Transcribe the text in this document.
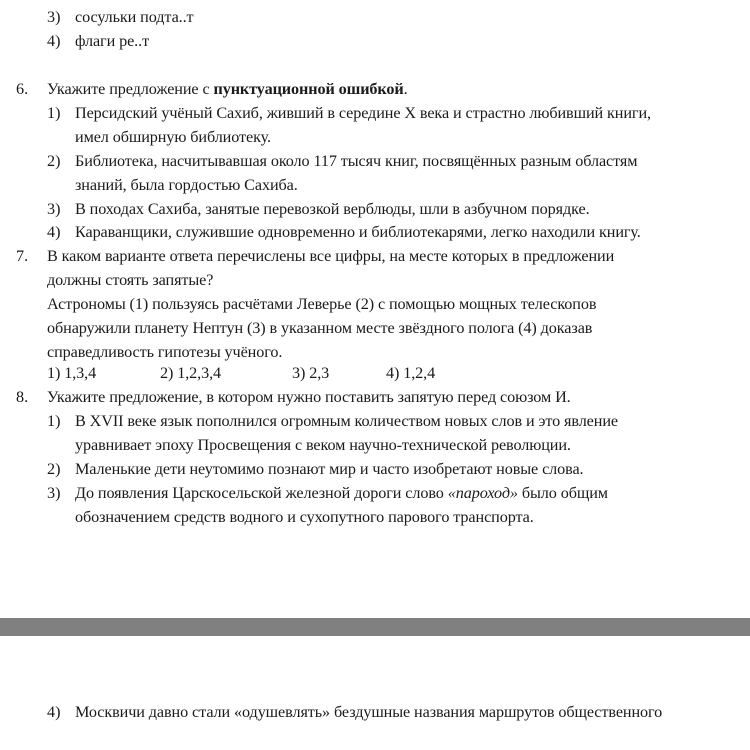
3) сосульки подта..т
4) флаги ре..т
6. Укажите предложение с пунктуационной ошибкой.
1) Персидский учёный Сахиб, живший в середине X века и страстно любивший книги,
имел обширную библиотеку.
2) Библиотека, насчитывавшая около 117 тысяч книг, посвящённых разным областям
знаний, была гордостью Сахиба.
3) В походах Сахиба, занятые перевозкой верблюды, шли в азбучном порядке.
4) Караванщики, служившие одновременно и библиотекарями, легко находили книгу.
7. В каком варианте ответа перечислены все цифры, на месте которых в предложении
должны стоять запятые?
Астрономы (1) пользуясь расчётами Леверье (2) с помощью мощных телескопов
обнаружили планету Нептун (3) в указанном месте звёздного полога (4) доказав
справедливость гипотезы учёного.
1) 1,3,4	2) 1,2,3,4	3) 2,3	4) 1,2,4
8. Укажите предложение, в котором нужно поставить запятую перед союзом И.
1) В XVII веке язык пополнился огромным количеством новых слов и это явление
уравнивает эпоху Просвещения с веком научно-технической революции.
2) Маленькие дети неутомимо познают мир и часто изобретают новые слова.
3) До появления Царскосельской железной дороги слово «пароход» было общим
обозначением средств водного и сухопутного парового транспорта.
4) Москвичи давно стали «одушевлять» бездушные названия маршрутов общественного
